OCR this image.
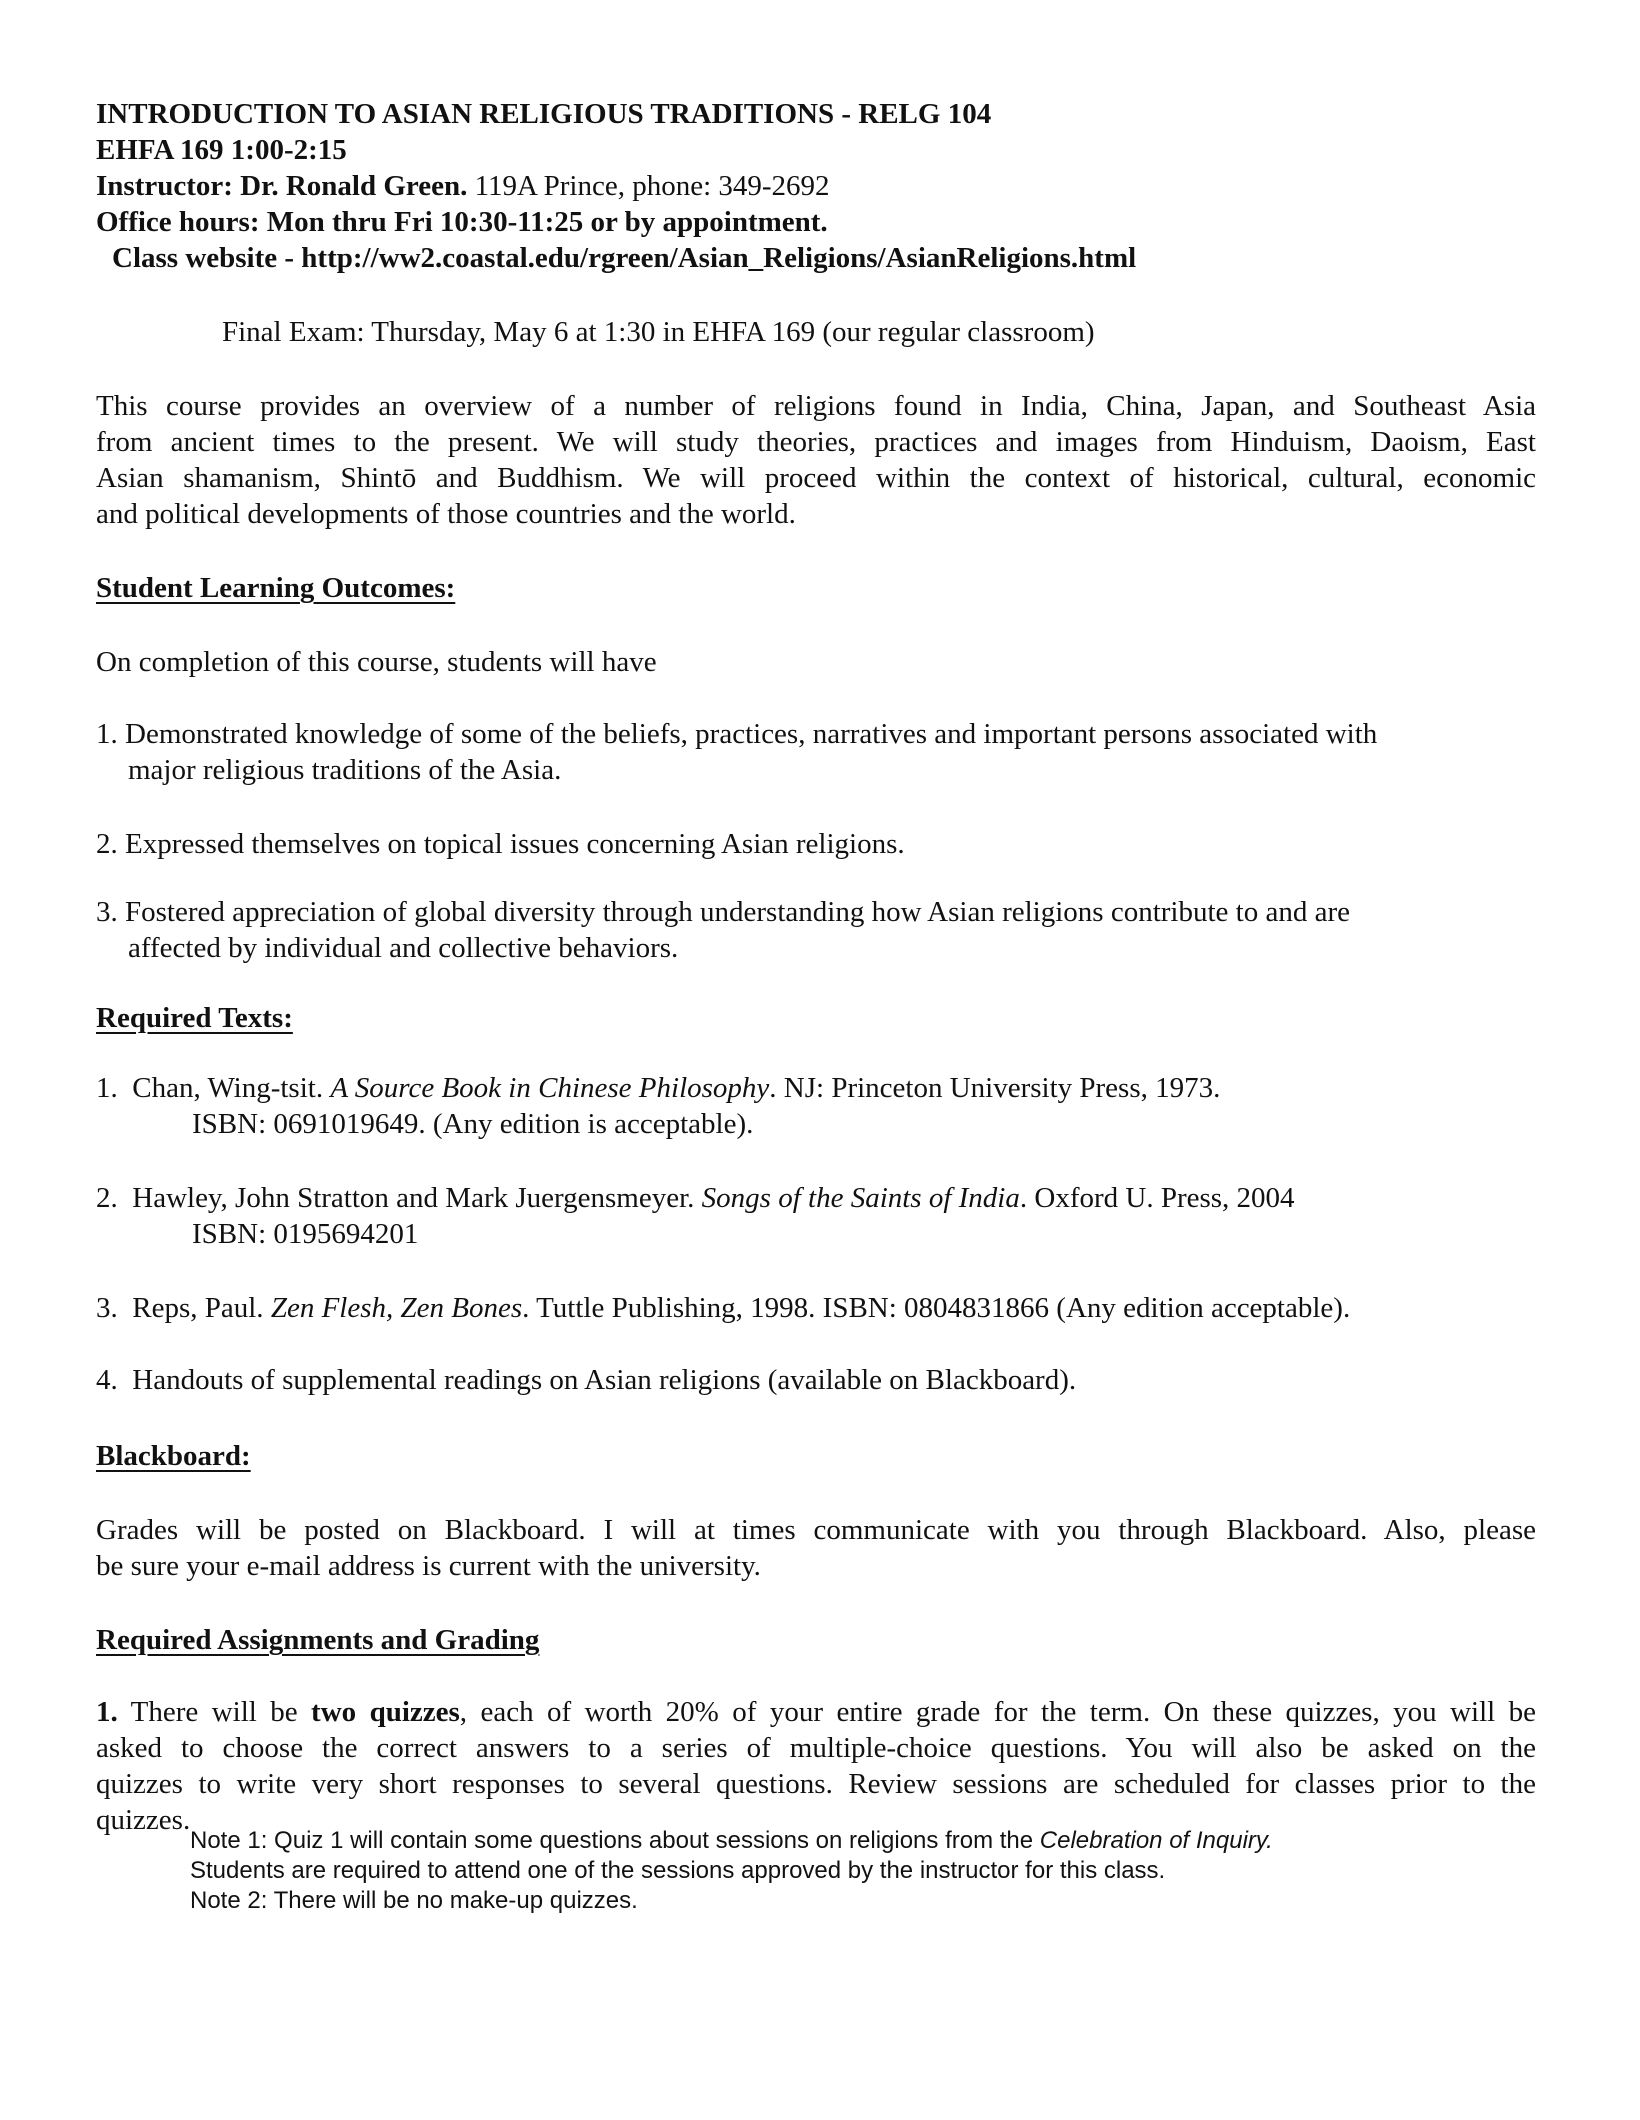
INTRODUCTION TO ASIAN RELIGIOUS TRADITIONS - RELG 104
EHFA 169 1:00-2:15
Instructor: Dr. Ronald Green. 119A Prince, phone: 349-2692
Office hours: Mon thru Fri 10:30-11:25 or by appointment.
Class website - http://ww2.coastal.edu/rgreen/Asian_Religions/AsianReligions.html
Final Exam: Thursday, May 6 at 1:30 in EHFA 169 (our regular classroom)
This course provides an overview of a number of religions found in India, China, Japan, and Southeast Asia
from ancient times to the present. We will study theories, practices and images from Hinduism, Daoism, East
Asian shamanism, Shintō and Buddhism. We will proceed within the context of historical, cultural, economic
and political developments of those countries and the world.
Student Learning Outcomes:
On completion of this course, students will have
1. Demonstrated knowledge of some of the beliefs, practices, narratives and important persons associated with
major religious traditions of the Asia.
2. Expressed themselves on topical issues concerning Asian religions.
3. Fostered appreciation of global diversity through understanding how Asian religions contribute to and are
affected by individual and collective behaviors.
Required Texts:
1. Chan, Wing-tsit. A Source Book in Chinese Philosophy. NJ: Princeton University Press, 1973.
ISBN: 0691019649. (Any edition is acceptable).
2. Hawley, John Stratton and Mark Juergensmeyer. Songs of the Saints of India. Oxford U. Press, 2004
ISBN: 0195694201
3. Reps, Paul. Zen Flesh, Zen Bones. Tuttle Publishing, 1998. ISBN: 0804831866 (Any edition acceptable).
4. Handouts of supplemental readings on Asian religions (available on Blackboard).
Blackboard:
Grades will be posted on Blackboard. I will at times communicate with you through Blackboard. Also, please
be sure your e-mail address is current with the university.
Required Assignments and Grading
1. There will be two quizzes, each of worth 20% of your entire grade for the term. On these quizzes, you will be
asked to choose the correct answers to a series of multiple-choice questions. You will also be asked on the
quizzes to write very short responses to several questions. Review sessions are scheduled for classes prior to the
quizzes.
Note 1: Quiz 1 will contain some questions about sessions on religions from the Celebration of Inquiry.
Students are required to attend one of the sessions approved by the instructor for this class.
Note 2: There will be no make-up quizzes.
